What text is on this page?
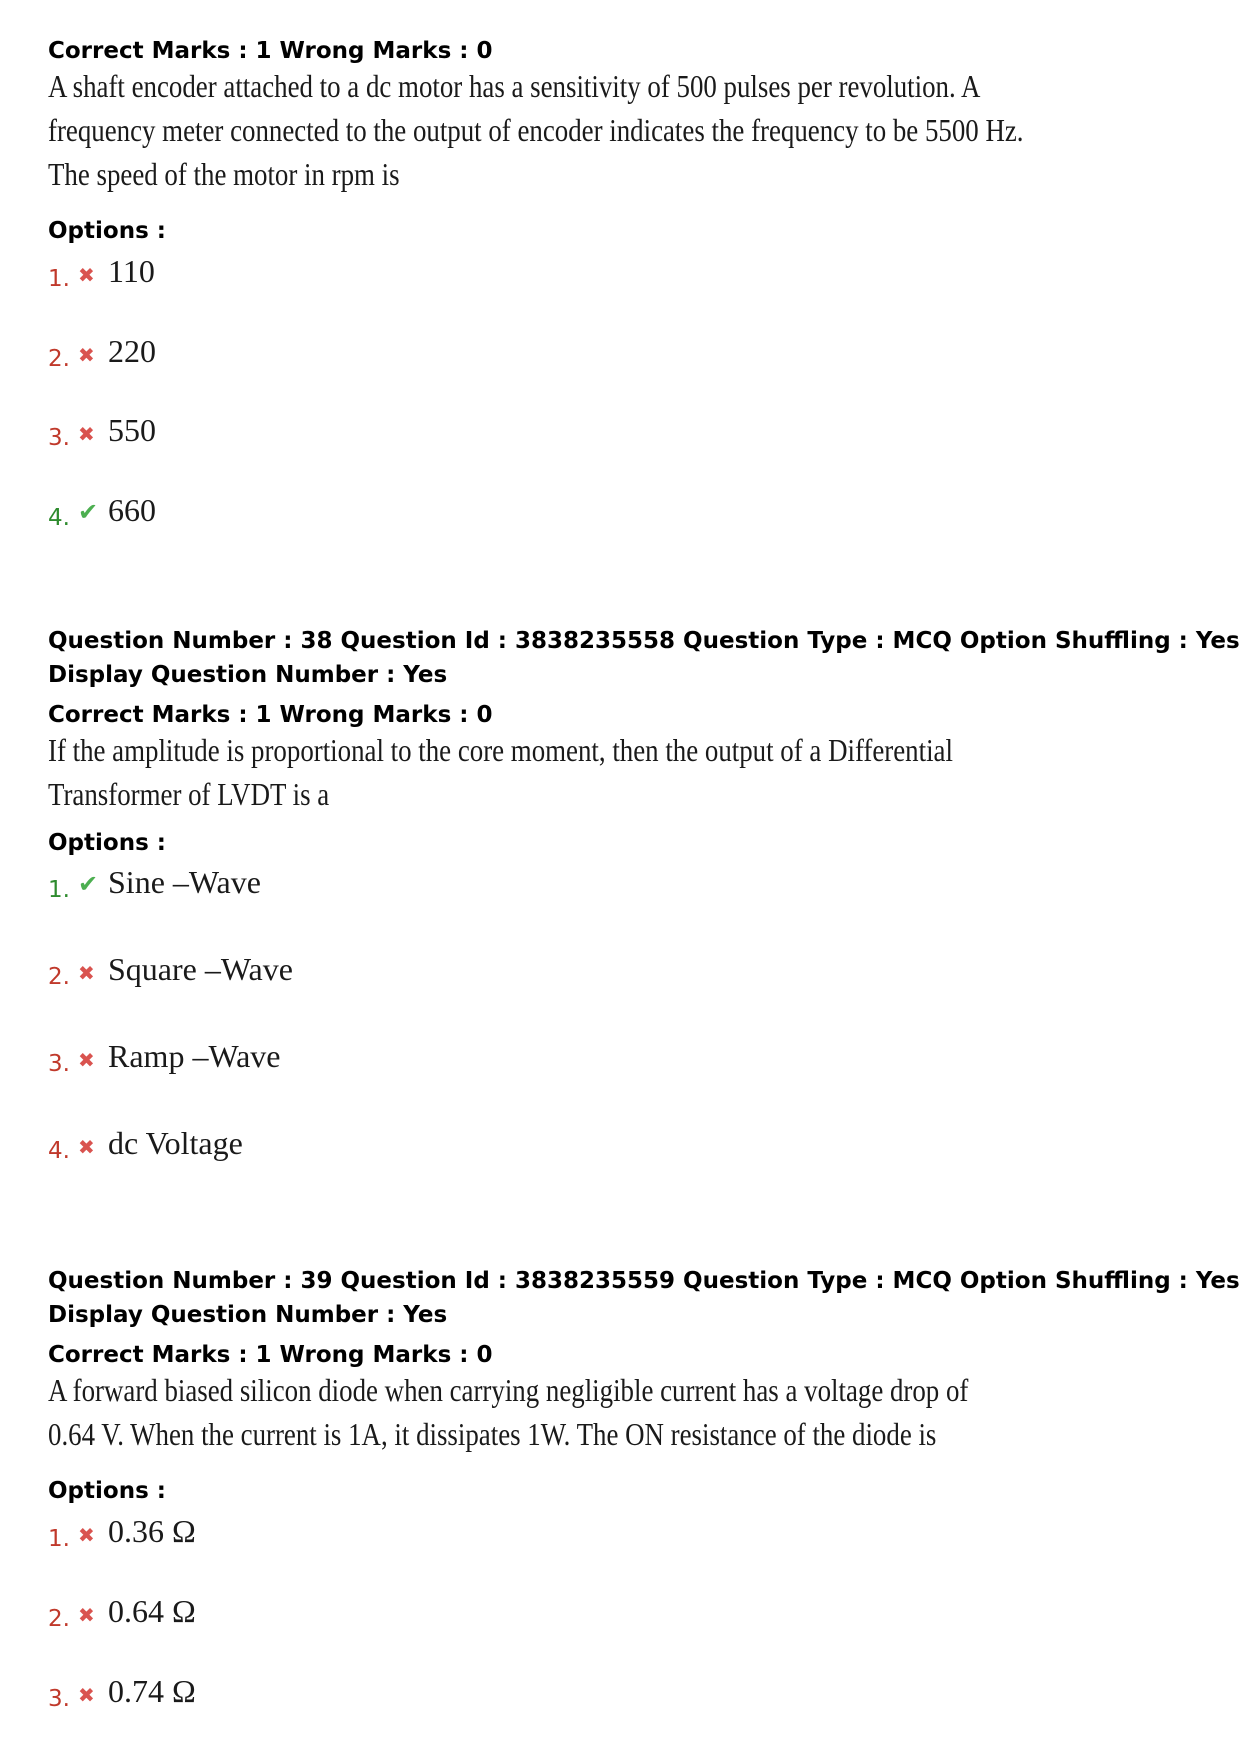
Correct Marks : 1 Wrong Marks : 0
A shaft encoder attached to a dc motor has a sensitivity of 500 pulses per revolution. A
frequency meter connected to the output of encoder indicates the frequency to be 5500 Hz.
The speed of the motor in rpm is
Options :
1. ✖ 110
2. ✖ 220
3. ✖ 550
4. ✔ 660
Question Number : 38 Question Id : 3838235558 Question Type : MCQ Option Shuffling : Yes
Display Question Number : Yes
Correct Marks : 1 Wrong Marks : 0
If the amplitude is proportional to the core moment, then the output of a Differential
Transformer of LVDT is a
Options :
1. ✔ Sine –Wave
2. ✖ Square –Wave
3. ✖ Ramp –Wave
4. ✖ dc Voltage
Question Number : 39 Question Id : 3838235559 Question Type : MCQ Option Shuffling : Yes
Display Question Number : Yes
Correct Marks : 1 Wrong Marks : 0
A forward biased silicon diode when carrying negligible current has a voltage drop of
0.64 V. When the current is 1A, it dissipates 1W. The ON resistance of the diode is
Options :
1. ✖ 0.36 Ω
2. ✖ 0.64 Ω
3. ✖ 0.74 Ω
